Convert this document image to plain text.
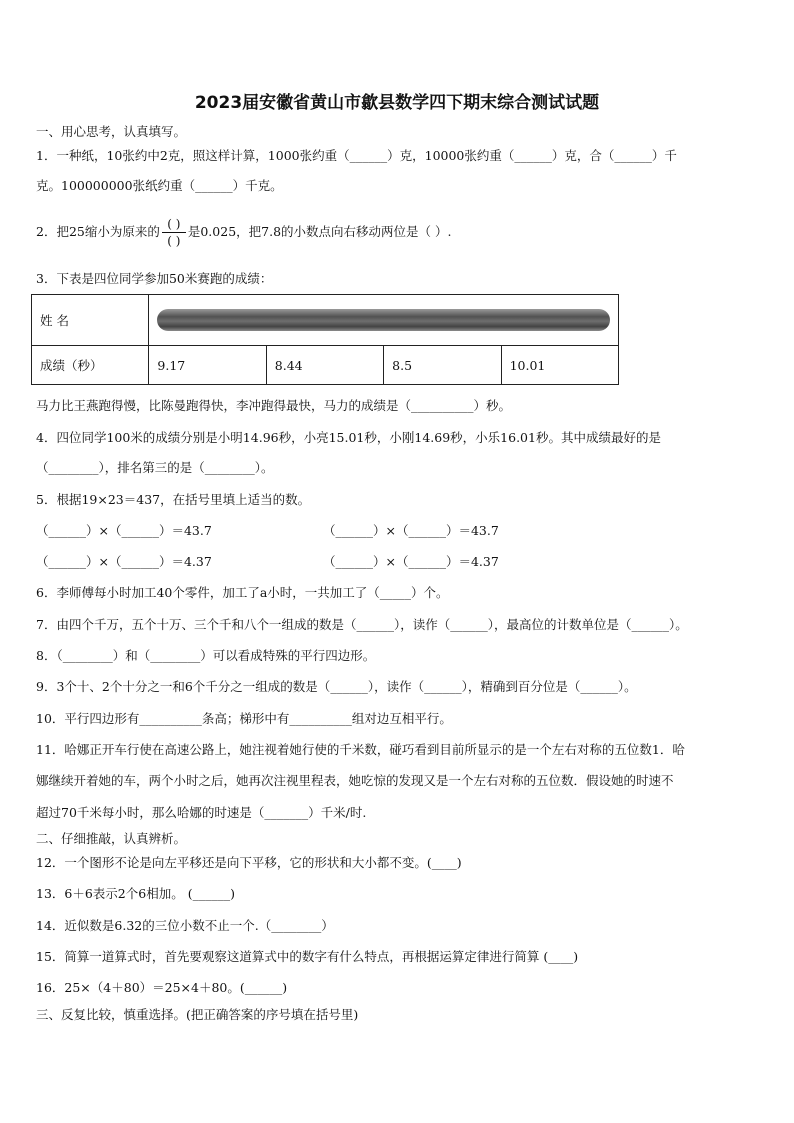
2023届安徽省黄山市歙县数学四下期末综合测试试题
一、用心思考，认真填写。
1．一种纸，10张约中2克，照这样计算，1000张约重（______）克，10000张约重（______）克，合（______）千
克。100000000张纸约重（______）千克。
2．把25缩小为原来的 $\frac{( )}{( )}$ 是0.025，把7.8的小数点向右移动两位是（ ）.
3．下表是四位同学参加50米赛跑的成绩：
姓 名				

成绩（秒）	9.17	8.44	8.5	10.01
马力比王燕跑得慢，比陈曼跑得快，李冲跑得最快，马力的成绩是（__________）秒。
4．四位同学100米的成绩分别是小明14.96秒，小亮15.01秒，小刚14.69秒，小乐16.01秒。其中成绩最好的是
（________），排名第三的是（________）。
5．根据19×23＝437，在括号里填上适当的数。
（______）×（______）＝43.7	（______）×（______）＝43.7
（______）×（______）＝4.37	（______）×（______）＝4.37
6．李师傅每小时加工40个零件，加工了a小时，一共加工了（_____）个。
7．由四个千万，五个十万、三个千和八个一组成的数是（______），读作（______），最高位的计数单位是（______）。
8．（________）和（________）可以看成特殊的平行四边形。
9．3个十、2个十分之一和6个千分之一组成的数是（______），读作（______），精确到百分位是（______）。
10．平行四边形有__________条高；梯形中有__________组对边互相平行。
11．哈娜正开车行使在高速公路上，她注视着她行使的千米数，碰巧看到目前所显示的是一个左右对称的五位数1．哈
娜继续开着她的车，两个小时之后，她再次注视里程表，她吃惊的发现又是一个左右对称的五位数．假设她的时速不
超过70千米每小时，那么哈娜的时速是（_______）千米/时.
二、仔细推敲，认真辨析。
12．一个图形不论是向左平移还是向下平移，它的形状和大小都不变。(____)
13．6＋6表示2个6相加。 (______)
14．近似数是6.32的三位小数不止一个.（________）
15．简算一道算式时，首先要观察这道算式中的数字有什么特点，再根据运算定律进行简算 (____)
16．25×（4＋80）＝25×4＋80。(______)
三、反复比较，慎重选择。(把正确答案的序号填在括号里)
